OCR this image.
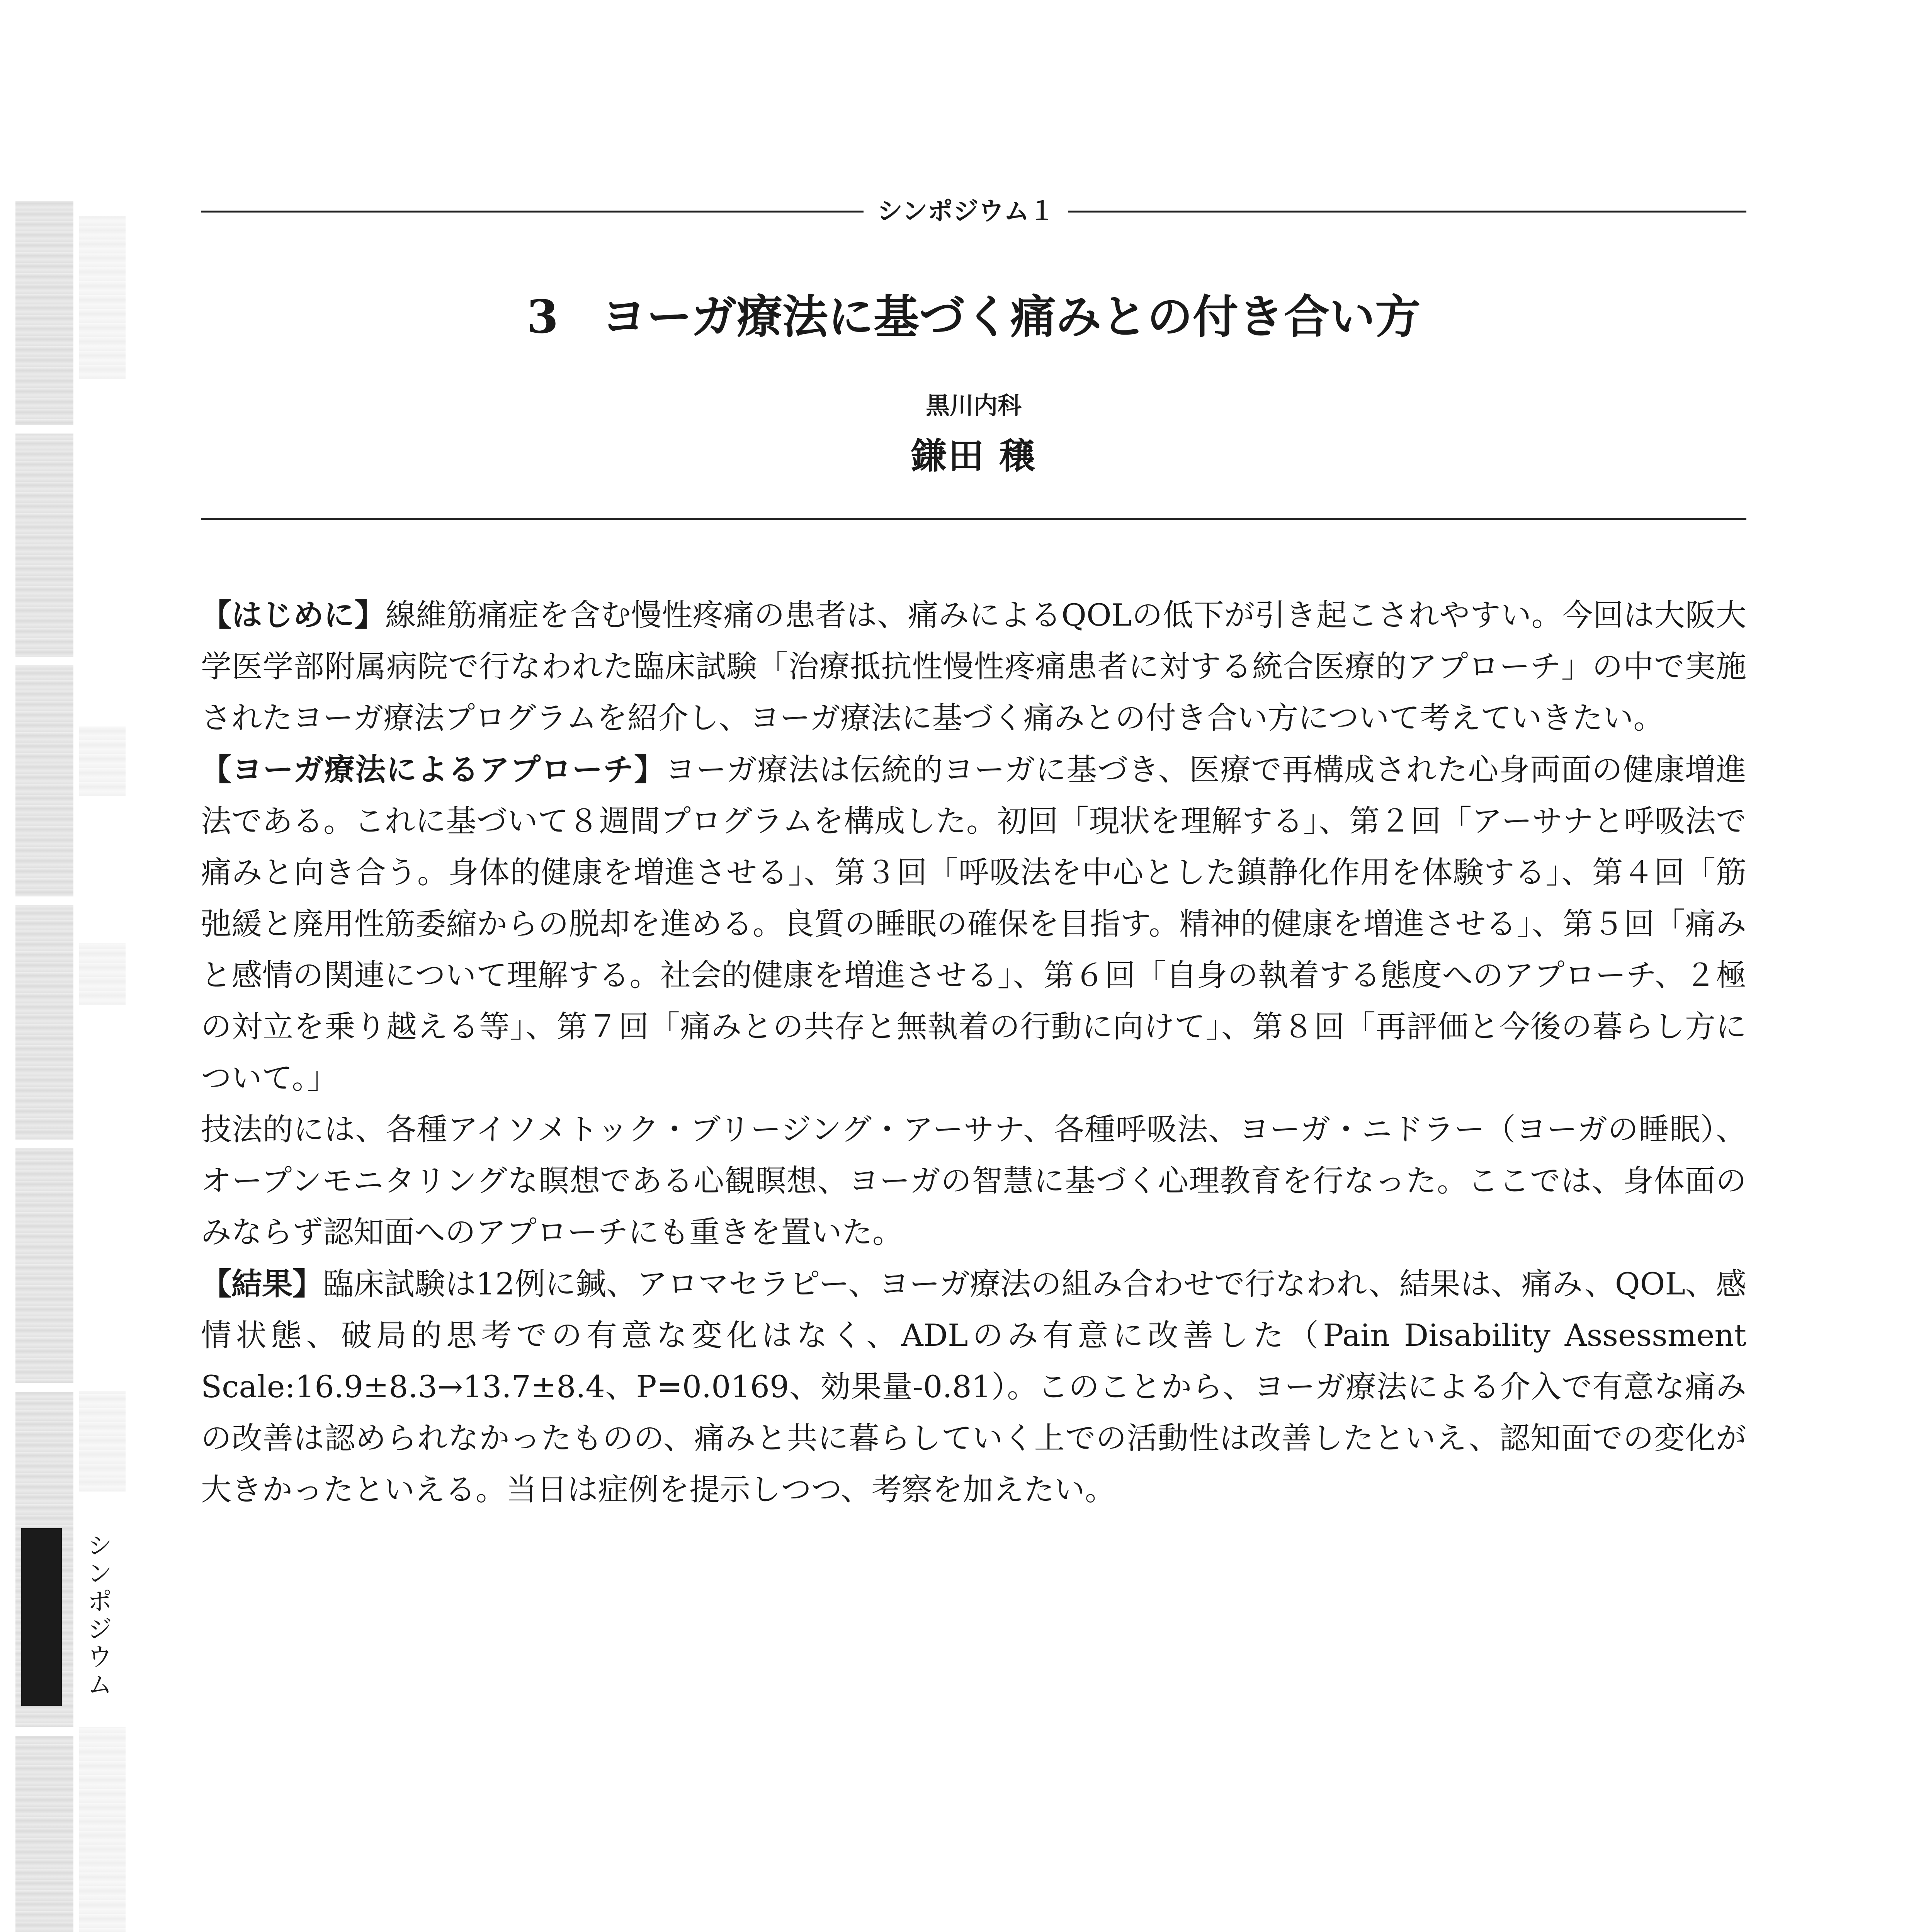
シンポジウム
シンポジウム１
3 ヨーガ療法に基づく痛みとの付き合い方
黒川内科
鎌田 穣

【はじめに】線維筋痛症を含む慢性疼痛の患者は、痛みによるQOLの低下が引き起こされやすい。今回は大阪大学医学部附属病院で行なわれた臨床試験「治療抵抗性慢性疼痛患者に対する統合医療的アプローチ」の中で実施されたヨーガ療法プログラムを紹介し、ヨーガ療法に基づく痛みとの付き合い方について考えていきたい。

【ヨーガ療法によるアプローチ】ヨーガ療法は伝統的ヨーガに基づき、医療で再構成された心身両面の健康増進法である。これに基づいて８週間プログラムを構成した。初回「現状を理解する」、第２回「アーサナと呼吸法で痛みと向き合う。身体的健康を増進させる」、第３回「呼吸法を中心とした鎮静化作用を体験する」、第４回「筋弛緩と廃用性筋委縮からの脱却を進める。良質の睡眠の確保を目指す。精神的健康を増進させる」、第５回「痛みと感情の関連について理解する。社会的健康を増進させる」、第６回「自身の執着する態度へのアプローチ、２極の対立を乗り越える等」、第７回「痛みとの共存と無執着の行動に向けて」、第８回「再評価と今後の暮らし方について。」

技法的には、各種アイソメトック・ブリージング・アーサナ、各種呼吸法、ヨーガ・ニドラー（ヨーガの睡眠）、オープンモニタリングな瞑想である心観瞑想、ヨーガの智慧に基づく心理教育を行なった。ここでは、身体面のみならず認知面へのアプローチにも重きを置いた。

【結果】臨床試験は12例に鍼、アロマセラピー、ヨーガ療法の組み合わせで行なわれ、結果は、痛み、QOL、感情状態、破局的思考での有意な変化はなく、ADLのみ有意に改善した（Pain Disability Assessment Scale:16.9±8.3→13.7±8.4、P=0.0169、効果量-0.81）。このことから、ヨーガ療法による介入で有意な痛みの改善は認められなかったものの、痛みと共に暮らしていく上での活動性は改善したといえ、認知面での変化が大きかったといえる。当日は症例を提示しつつ、考察を加えたい。
